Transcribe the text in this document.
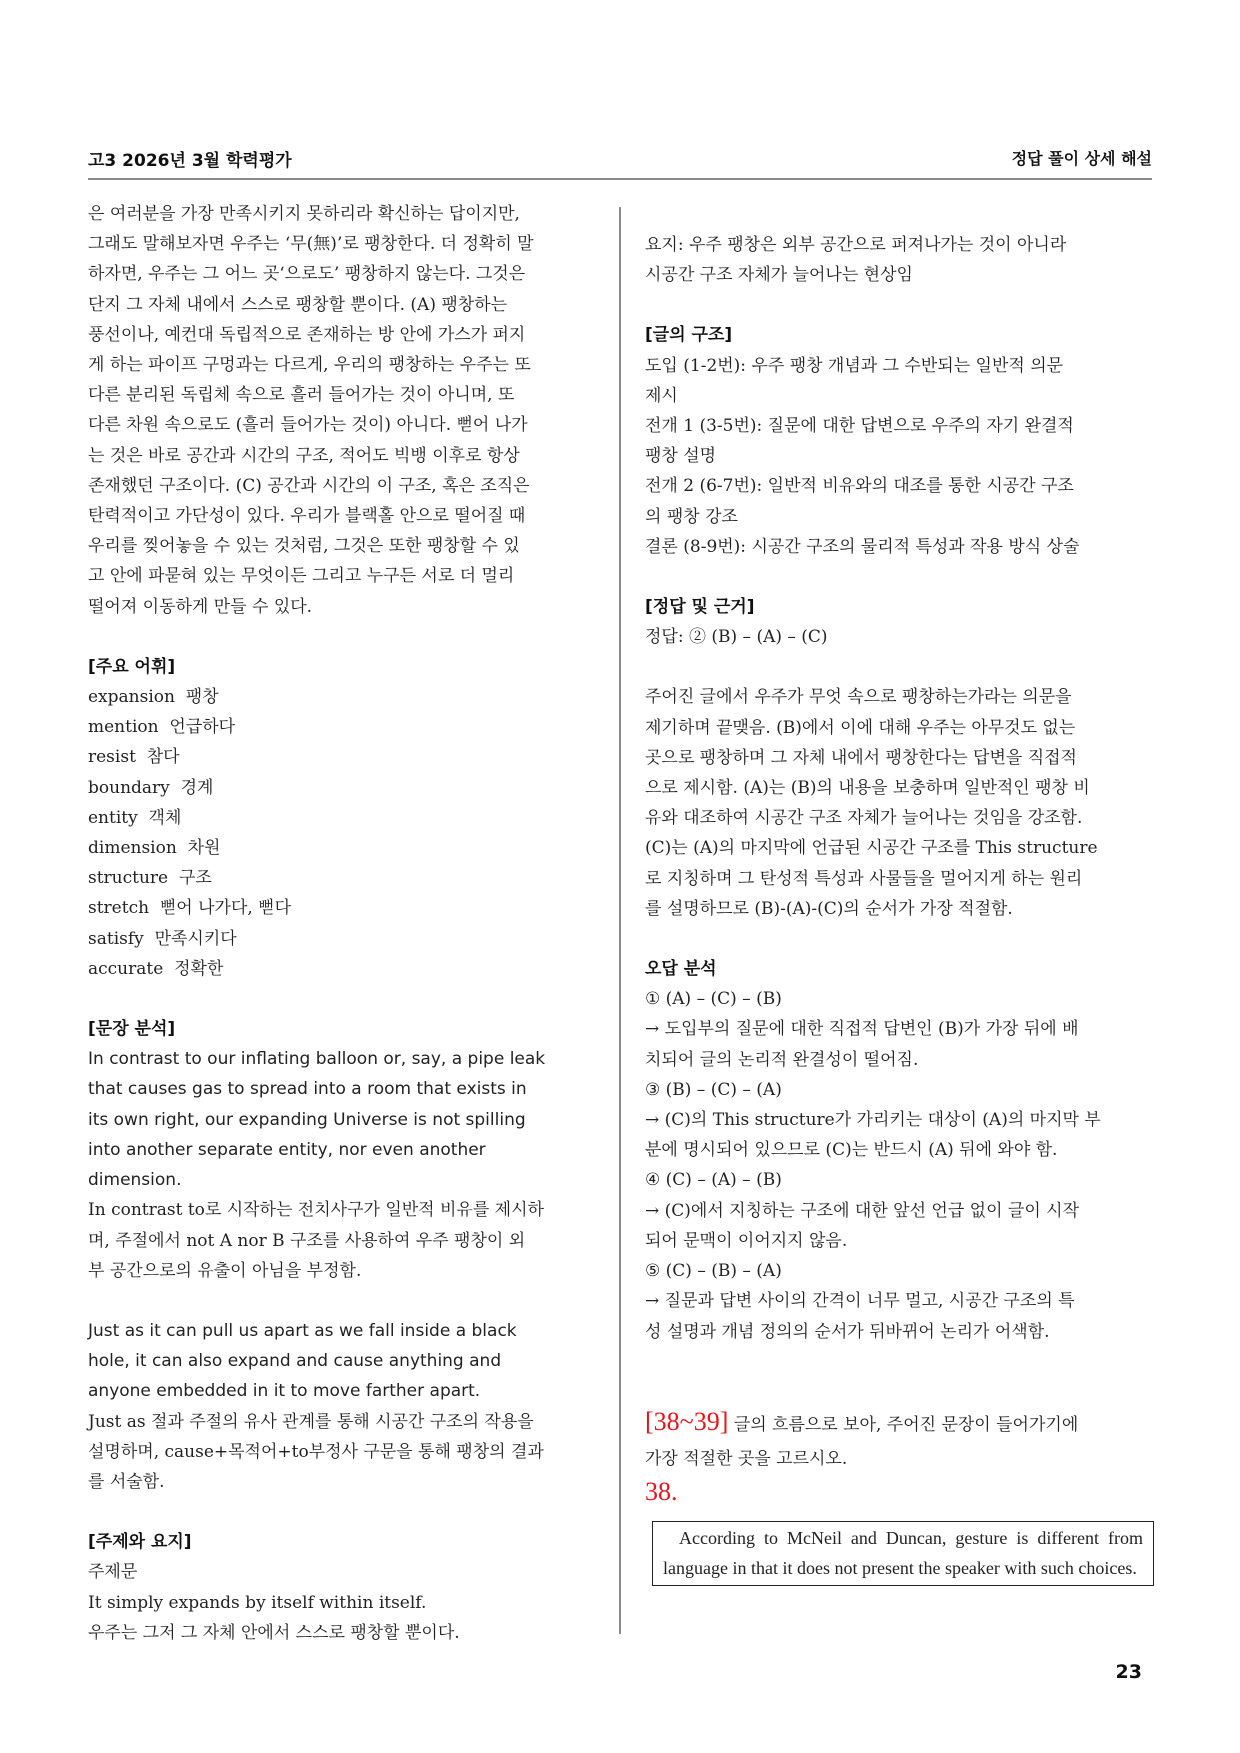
고3 2026년 3월 학력평가	정답 풀이 상세 해설
은 여러분을 가장 만족시키지 못하리라 확신하는 답이지만,
그래도 말해보자면 우주는 ‘무(無)’로 팽창한다. 더 정확히 말
하자면, 우주는 그 어느 곳‘으로도’ 팽창하지 않는다. 그것은
단지 그 자체 내에서 스스로 팽창할 뿐이다. (A) 팽창하는
풍선이나, 예컨대 독립적으로 존재하는 방 안에 가스가 퍼지
게 하는 파이프 구멍과는 다르게, 우리의 팽창하는 우주는 또
다른 분리된 독립체 속으로 흘러 들어가는 것이 아니며, 또
다른 차원 속으로도 (흘러 들어가는 것이) 아니다. 뻗어 나가
는 것은 바로 공간과 시간의 구조, 적어도 빅뱅 이후로 항상
존재했던 구조이다. (C) 공간과 시간의 이 구조, 혹은 조직은
탄력적이고 가단성이 있다. 우리가 블랙홀 안으로 떨어질 때
우리를 찢어놓을 수 있는 것처럼, 그것은 또한 팽창할 수 있
고 안에 파묻혀 있는 무엇이든 그리고 누구든 서로 더 멀리
떨어져 이동하게 만들 수 있다.

[주요 어휘]

expansion 팽창
mention 언급하다
resist 참다
boundary 경계
entity 객체
dimension 차원
structure 구조
stretch 뻗어 나가다, 뻗다
satisfy 만족시키다
accurate 정확한

[문장 분석]

In contrast to our inflating balloon or, say, a pipe leak
that causes gas to spread into a room that exists in
its own right, our expanding Universe is not spilling
into another separate entity, nor even another
dimension.
In contrast to로 시작하는 전치사구가 일반적 비유를 제시하
며, 주절에서 not A nor B 구조를 사용하여 우주 팽창이 외
부 공간으로의 유출이 아님을 부정함.
Just as it can pull us apart as we fall inside a black
hole, it can also expand and cause anything and
anyone embedded in it to move farther apart.
Just as 절과 주절의 유사 관계를 통해 시공간 구조의 작용을
설명하며, cause+목적어+to부정사 구문을 통해 팽창의 결과
를 서술함.

[주제와 요지]

주제문

It simply expands by itself within itself.

우주는 그저 그 자체 안에서 스스로 팽창할 뿐이다.

요지: 우주 팽창은 외부 공간으로 퍼져나가는 것이 아니라
시공간 구조 자체가 늘어나는 현상임

[글의 구조]

도입 (1-2번): 우주 팽창 개념과 그 수반되는 일반적 의문
제시
전개 1 (3-5번): 질문에 대한 답변으로 우주의 자기 완결적
팽창 설명
전개 2 (6-7번): 일반적 비유와의 대조를 통한 시공간 구조
의 팽창 강조
결론 (8-9번): 시공간 구조의 물리적 특성과 작용 방식 상술

[정답 및 근거]

정답: ② (B) – (A) – (C)

주어진 글에서 우주가 무엇 속으로 팽창하는가라는 의문을
제기하며 끝맺음. (B)에서 이에 대해 우주는 아무것도 없는
곳으로 팽창하며 그 자체 내에서 팽창한다는 답변을 직접적
으로 제시함. (A)는 (B)의 내용을 보충하며 일반적인 팽창 비
유와 대조하여 시공간 구조 자체가 늘어나는 것임을 강조함.
(C)는 (A)의 마지막에 언급된 시공간 구조를 This structure
로 지칭하며 그 탄성적 특성과 사물들을 멀어지게 하는 원리
를 설명하므로 (B)-(A)-(C)의 순서가 가장 적절함.

오답 분석

① (A) – (C) – (B)
→ 도입부의 질문에 대한 직접적 답변인 (B)가 가장 뒤에 배
치되어 글의 논리적 완결성이 떨어짐.
③ (B) – (C) – (A)
→ (C)의 This structure가 가리키는 대상이 (A)의 마지막 부
분에 명시되어 있으므로 (C)는 반드시 (A) 뒤에 와야 함.
④ (C) – (A) – (B)
→ (C)에서 지칭하는 구조에 대한 앞선 언급 없이 글이 시작
되어 문맥이 이어지지 않음.
⑤ (C) – (B) – (A)
→ 질문과 답변 사이의 간격이 너무 멀고, 시공간 구조의 특
성 설명과 개념 정의의 순서가 뒤바뀌어 논리가 어색함.
[38~39] 글의 흐름으로 보아, 주어진 문장이 들어가기에
가장 적절한 곳을 고르시오.

38.

According to McNeil and Duncan, gesture is different from language in that it does not present the speaker with such choices.

23
